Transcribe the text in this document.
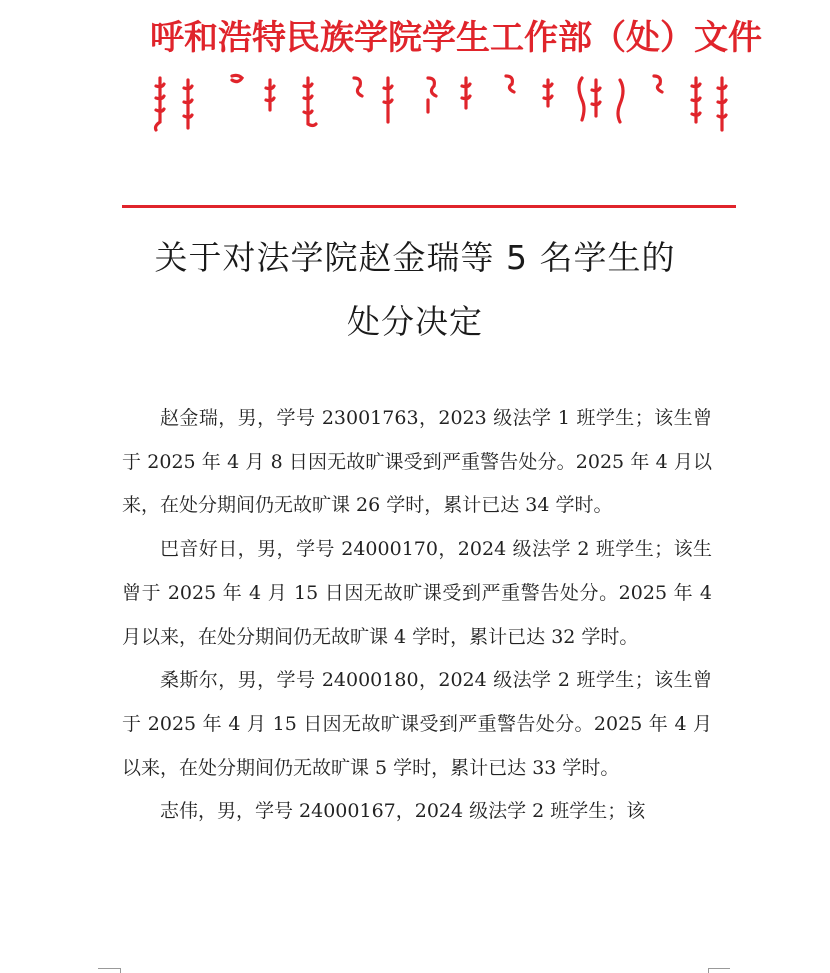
呼和浩特民族学院学生工作部（处）文件
关于对法学院赵金瑞等 5 名学生的
处分决定

赵金瑞，男，学号 23001763，2023 级法学 1 班学生；该生曾于 2025 年 4 月 8 日因无故旷课受到严重警告处分。2025 年 4 月以来，在处分期间仍无故旷课 26 学时，累计已达 34 学时。

巴音好日，男，学号 24000170，2024 级法学 2 班学生；该生曾于 2025 年 4 月 15 日因无故旷课受到严重警告处分。2025 年 4 月以来，在处分期间仍无故旷课 4 学时，累计已达 32 学时。

桑斯尔，男，学号 24000180，2024 级法学 2 班学生；该生曾于 2025 年 4 月 15 日因无故旷课受到严重警告处分。2025 年 4 月以来，在处分期间仍无故旷课 5 学时，累计已达 33 学时。

志伟，男，学号 24000167，2024 级法学 2 班学生；该
